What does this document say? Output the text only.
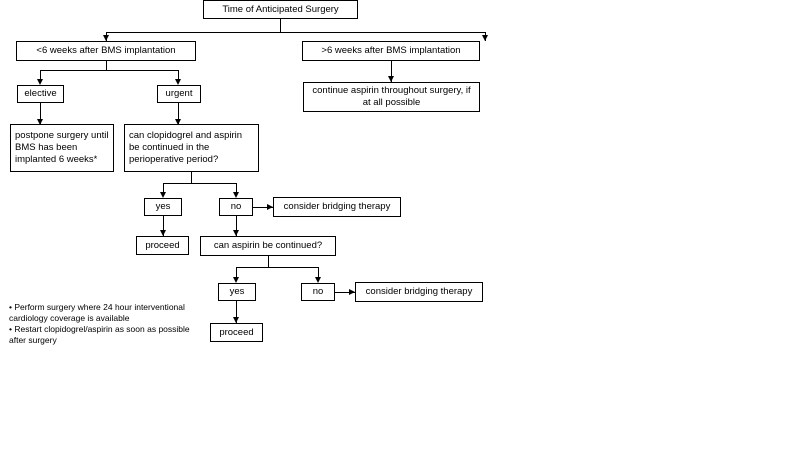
Time of Anticipated Surgery
<6 weeks after BMS implantation	>6 weeks after BMS implantation
elective	urgent	continue aspirin throughout surgery, if at all possible
postpone surgery until BMS has been implanted 6 weeks*
can clopidogrel and aspirin be continued in the perioperative period?
yes	no	consider bridging therapy
proceed	can aspirin be continued?
yes	no	consider bridging therapy
proceed
• Perform surgery where 24 hour interventional cardiology coverage is available
• Restart clopidogrel/aspirin as soon as possible after surgery
